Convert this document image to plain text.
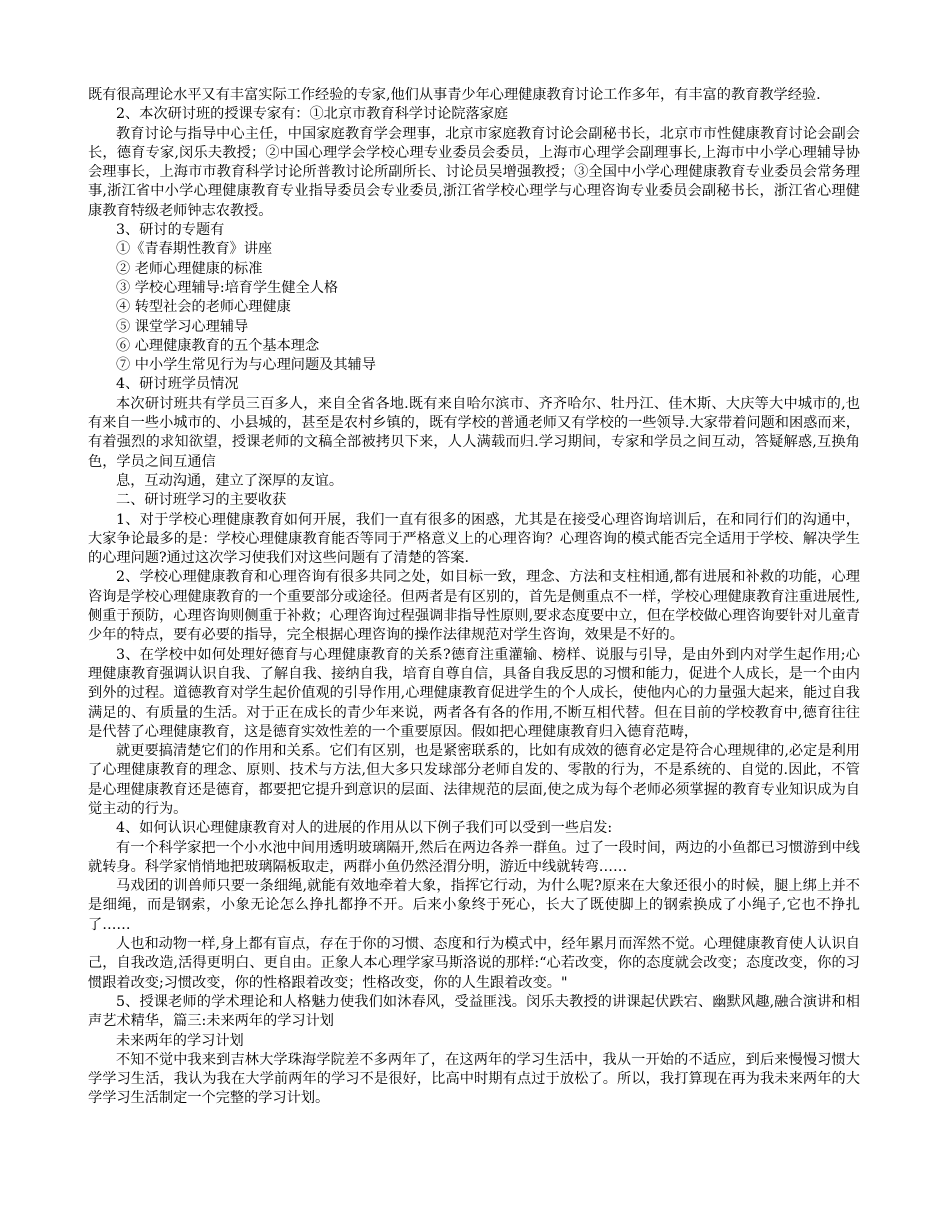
既有很高理论水平又有丰富实际工作经验的专家,他们从事青少年心理健康教育讨论工作多年，有丰富的教育教学经验.

2、本次研讨班的授课专家有：①北京市教育科学讨论院落家庭

教育讨论与指导中心主任，中国家庭教育学会理事，北京市家庭教育讨论会副秘书长，北京市市性健康教育讨论会副会长，德育专家,闵乐夫教授；②中国心理学会学校心理专业委员会委员，上海市心理学会副理事长,上海市中小学心理辅导协会理事长，上海市市教育科学讨论所普教讨论所副所长、讨论员吴增强教授；③全国中小学心理健康教育专业委员会常务理事,浙江省中小学心理健康教育专业指导委员会专业委员,浙江省学校心理学与心理咨询专业委员会副秘书长，浙江省心理健康教育特级老师钟志农教授。

3、研讨的专题有

①《青春期性教育》讲座

② 老师心理健康的标准

③ 学校心理辅导:培育学生健全人格

④ 转型社会的老师心理健康

⑤ 课堂学习心理辅导

⑥ 心理健康教育的五个基本理念

⑦ 中小学生常见行为与心理问题及其辅导

4、研讨班学员情况

本次研讨班共有学员三百多人，来自全省各地.既有来自哈尔滨市、齐齐哈尔、牡丹江、佳木斯、大庆等大中城市的,也有来自一些小城市的、小县城的，甚至是农村乡镇的，既有学校的普通老师又有学校的一些领导.大家带着问题和困惑而来，有着强烈的求知欲望，授课老师的文稿全部被拷贝下来，人人满载而归.学习期间，专家和学员之间互动，答疑解惑,互换角色，学员之间互通信

息，互动沟通，建立了深厚的友谊。

二、研讨班学习的主要收获

1、对于学校心理健康教育如何开展，我们一直有很多的困惑，尤其是在接受心理咨询培训后，在和同行们的沟通中，大家争论最多的是：学校心理健康教育能否等同于严格意义上的心理咨询？心理咨询的模式能否完全适用于学校、解决学生的心理问题?通过这次学习使我们对这些问题有了清楚的答案.

2、学校心理健康教育和心理咨询有很多共同之处，如目标一致，理念、方法和支柱相通,都有进展和补救的功能，心理咨询是学校心理健康教育的一个重要部分或途径。但两者是有区别的，首先是侧重点不一样，学校心理健康教育注重进展性,侧重于预防，心理咨询则侧重于补救；心理咨询过程强调非指导性原则,要求态度要中立，但在学校做心理咨询要针对儿童青少年的特点，要有必要的指导，完全根据心理咨询的操作法律规范对学生咨询，效果是不好的。

3、在学校中如何处理好德育与心理健康教育的关系?德育注重灌输、榜样、说服与引导，是由外到内对学生起作用;心理健康教育强调认识自我、了解自我、接纳自我，培育自尊自信，具备自我反思的习惯和能力，促进个人成长，是一个由内到外的过程。道德教育对学生起价值观的引导作用,心理健康教育促进学生的个人成长，使他内心的力量强大起来，能过自我满足的、有质量的生活。对于正在成长的青少年来说，两者各有各的作用,不断互相代替。但在目前的学校教育中,德育往往是代替了心理健康教育，这是德育实效性差的一个重要原因。假如把心理健康教育归入德育范畴，

就更要搞清楚它们的作用和关系。它们有区别，也是紧密联系的，比如有成效的德育必定是符合心理规律的,必定是利用了心理健康教育的理念、原则、技术与方法,但大多只发球部分老师自发的、零散的行为，不是系统的、自觉的.因此，不管是心理健康教育还是德育，都要把它提升到意识的层面、法律规范的层面,使之成为每个老师必须掌握的教育专业知识成为自觉主动的行为。

4、如何认识心理健康教育对人的进展的作用从以下例子我们可以受到一些启发:

有一个科学家把一个小水池中间用透明玻璃隔开,然后在两边各养一群鱼。过了一段时间，两边的小鱼都已习惯游到中线就转身。科学家悄悄地把玻璃隔板取走，两群小鱼仍然泾渭分明，游近中线就转弯……

马戏团的训兽师只要一条细绳,就能有效地牵着大象，指挥它行动，为什么呢?原来在大象还很小的时候，腿上绑上并不是细绳，而是钢索，小象无论怎么挣扎都挣不开。后来小象终于死心，长大了既使脚上的钢索换成了小绳子,它也不挣扎了……

人也和动物一样,身上都有盲点，存在于你的习惯、态度和行为模式中，经年累月而浑然不觉。心理健康教育使人认识自己，自我改造,活得更明白、更自由。正象人本心理学家马斯洛说的那样:“心若改变，你的态度就会改变；态度改变，你的习惯跟着改变;习惯改变，你的性格跟着改变；性格改变，你的人生跟着改变。"

5、授课老师的学术理论和人格魅力使我们如沐春风，受益匪浅。闵乐夫教授的讲课起伏跌宕、幽默风趣,融合演讲和相声艺术精华，篇三:未来两年的学习计划

未来两年的学习计划

不知不觉中我来到吉林大学珠海学院差不多两年了，在这两年的学习生活中，我从一开始的不适应，到后来慢慢习惯大学学习生活，我认为我在大学前两年的学习不是很好，比高中时期有点过于放松了。所以，我打算现在再为我未来两年的大学学习生活制定一个完整的学习计划。
